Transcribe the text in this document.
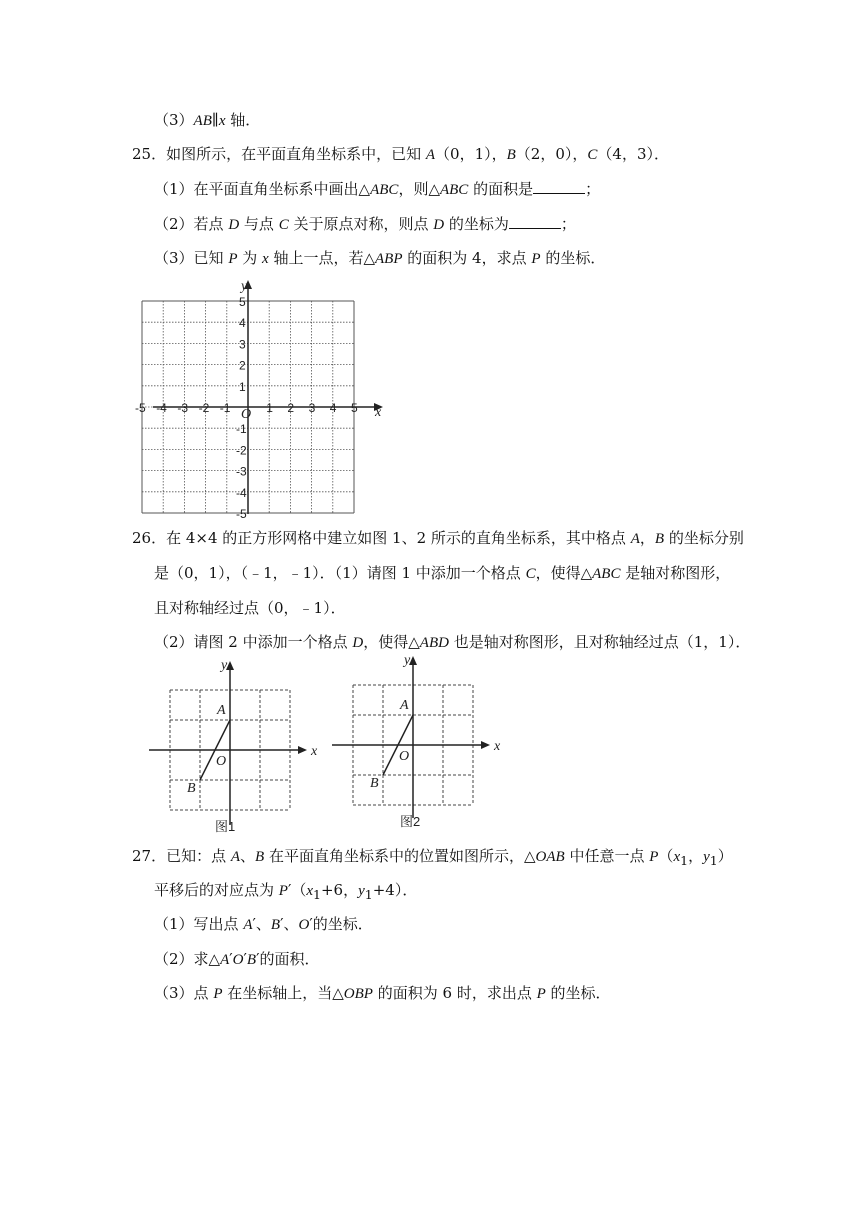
（3）AB∥x 轴．
25．如图所示，在平面直角坐标系中，已知 A（0，1），B（2，0），C（4，3）．
（1）在平面直角坐标系中画出△ABC，则△ABC 的面积是	；
（2）若点 D 与点 C 关于原点对称，则点 D 的坐标为	；
（3）已知 P 为 x 轴上一点，若△ABP 的面积为 4，求点 P 的坐标．
x
y
O
-5 -4 -3 -2 -1	1 2 3 4 5
5
4
3
2
1
-1
-2
-3
-4
-5
26．在 4×4 的正方形网格中建立如图 1、2 所示的直角坐标系，其中格点 A，B 的坐标分别
是（0，1），（﹣1，﹣1）．（1）请图 1 中添加一个格点 C，使得△ABC 是轴对称图形，
且对称轴经过点（0，﹣1）．
（2）请图 2 中添加一个格点 D，使得△ABD 也是轴对称图形，且对称轴经过点（1，1）．
x
y
A
B
O
图1
x
y
A
B
O
图2
27．已知：点 A、B 在平面直角坐标系中的位置如图所示，△OAB 中任意一点 $P(x_1$，$y_1$）
平移后的对应点为 $P'(x_1+6$，$y_1+4$）．
（1）写出点 A′、B′、O′的坐标．
（2）求△A′O′B′的面积．
（3）点 P 在坐标轴上，当△OBP 的面积为 6 时，求出点 P 的坐标．
